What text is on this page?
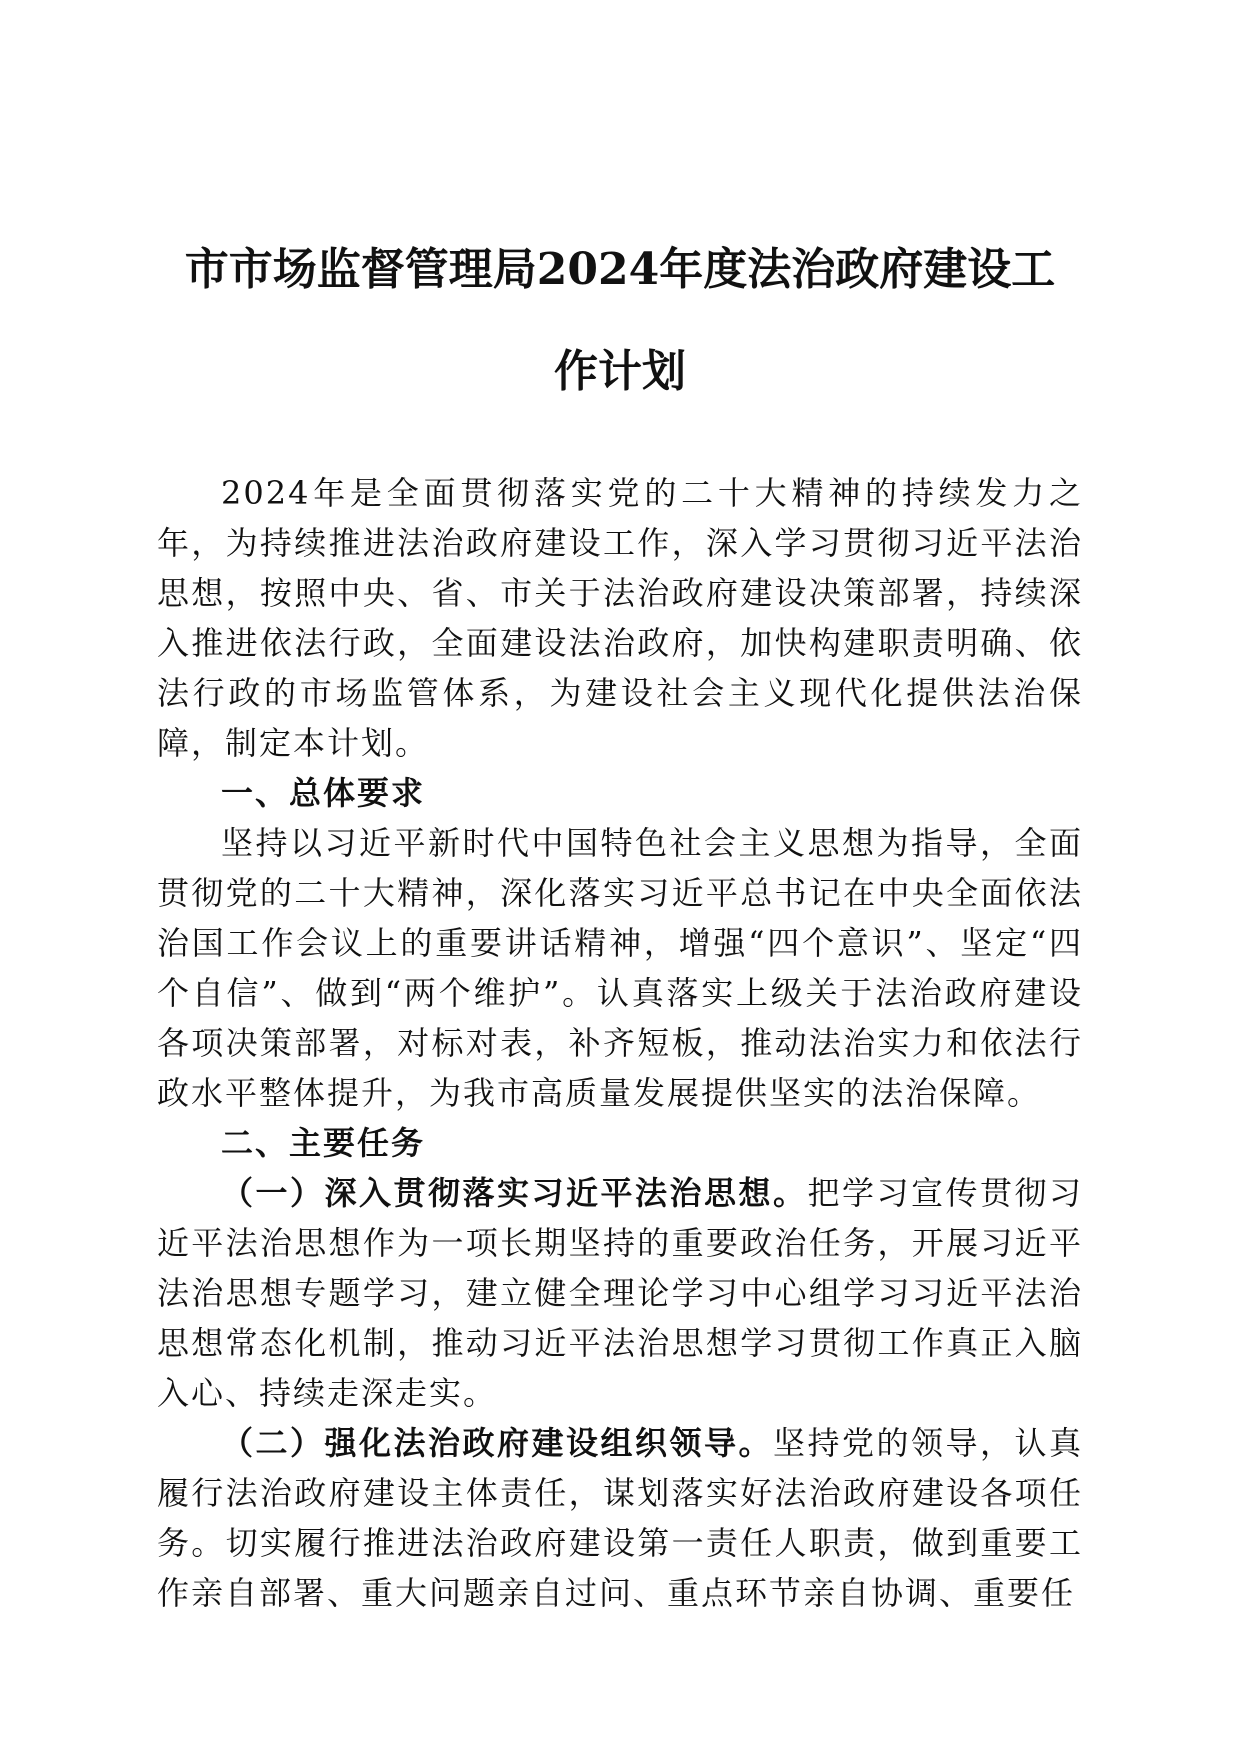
市市场监督管理局2024年度法治政府建设工
作计划

2024年是全面贯彻落实党的二十大精神的持续发力之年，为持续推进法治政府建设工作，深入学习贯彻习近平法治思想，按照中央、省、市关于法治政府建设决策部署，持续深入推进依法行政，全面建设法治政府，加快构建职责明确、依法行政的市场监管体系，为建设社会主义现代化提供法治保障，制定本计划。

一、总体要求

坚持以习近平新时代中国特色社会主义思想为指导，全面贯彻党的二十大精神，深化落实习近平总书记在中央全面依法治国工作会议上的重要讲话精神，增强“四个意识”、坚定“四个自信”、做到“两个维护”。认真落实上级关于法治政府建设各项决策部署，对标对表，补齐短板，推动法治实力和依法行政水平整体提升，为我市高质量发展提供坚实的法治保障。

二、主要任务

（一）深入贯彻落实习近平法治思想。把学习宣传贯彻习近平法治思想作为一项长期坚持的重要政治任务，开展习近平法治思想专题学习，建立健全理论学习中心组学习习近平法治思想常态化机制，推动习近平法治思想学习贯彻工作真正入脑入心、持续走深走实。

（二）强化法治政府建设组织领导。坚持党的领导，认真履行法治政府建设主体责任，谋划落实好法治政府建设各项任务。切实履行推进法治政府建设第一责任人职责，做到重要工作亲自部署、重大问题亲自过问、重点环节亲自协调、重要任
